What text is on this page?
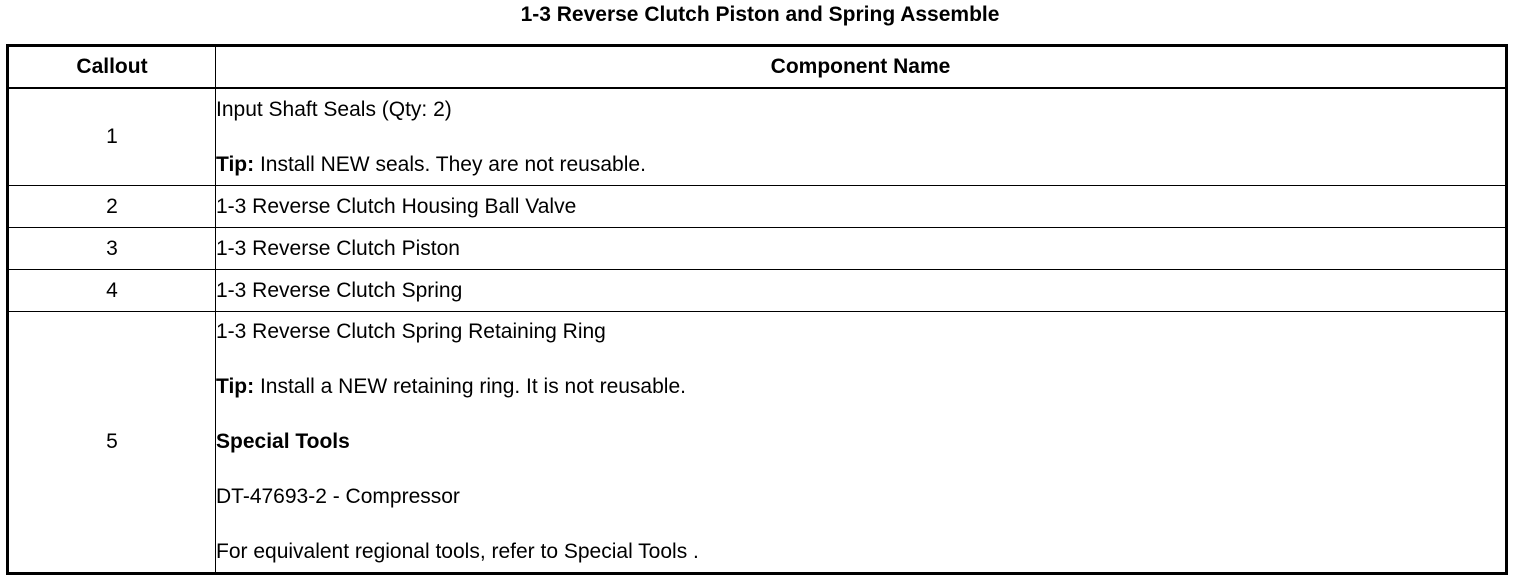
1-3 Reverse Clutch Piston and Spring Assemble
Callout	Component Name
1	Input Shaft Seals (Qty: 2)
Tip: Install NEW seals. They are not reusable.

2	1-3 Reverse Clutch Housing Ball Valve
3	1-3 Reverse Clutch Piston
4	1-3 Reverse Clutch Spring
5	1-3 Reverse Clutch Spring Retaining Ring
Tip: Install a NEW retaining ring. It is not reusable.
Special Tools
DT-47693-2 - Compressor
For equivalent regional tools, refer to Special Tools .
